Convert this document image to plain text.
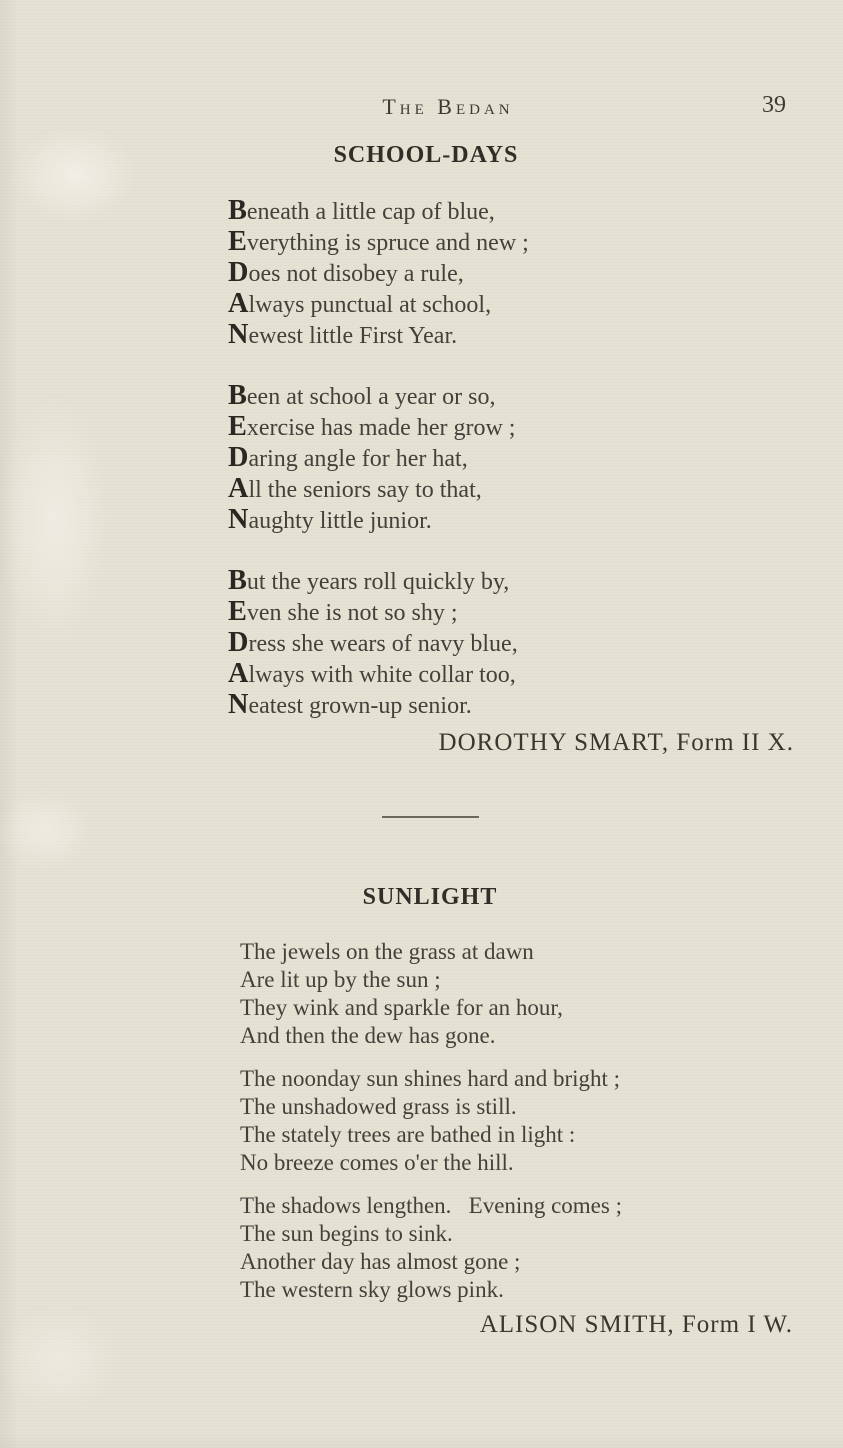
The Bedan	39
SCHOOL-DAYS
Beneath a little cap of blue,
Everything is spruce and new ;
Does not disobey a rule,
Always punctual at school,
Newest little First Year.
Been at school a year or so,
Exercise has made her grow ;
Daring angle for her hat,
All the seniors say to that,
Naughty little junior.
But the years roll quickly by,
Even she is not so shy ;
Dress she wears of navy blue,
Always with white collar too,
Neatest grown-up senior.
DOROTHY SMART, Form II X.
SUNLIGHT
The jewels on the grass at dawn
Are lit up by the sun ;
They wink and sparkle for an hour,
And then the dew has gone.
The noonday sun shines hard and bright ;
The unshadowed grass is still.
The stately trees are bathed in light :
No breeze comes o'er the hill.
The shadows lengthen.   Evening comes ;
The sun begins to sink.
Another day has almost gone ;
The western sky glows pink.
ALISON SMITH, Form I W.
